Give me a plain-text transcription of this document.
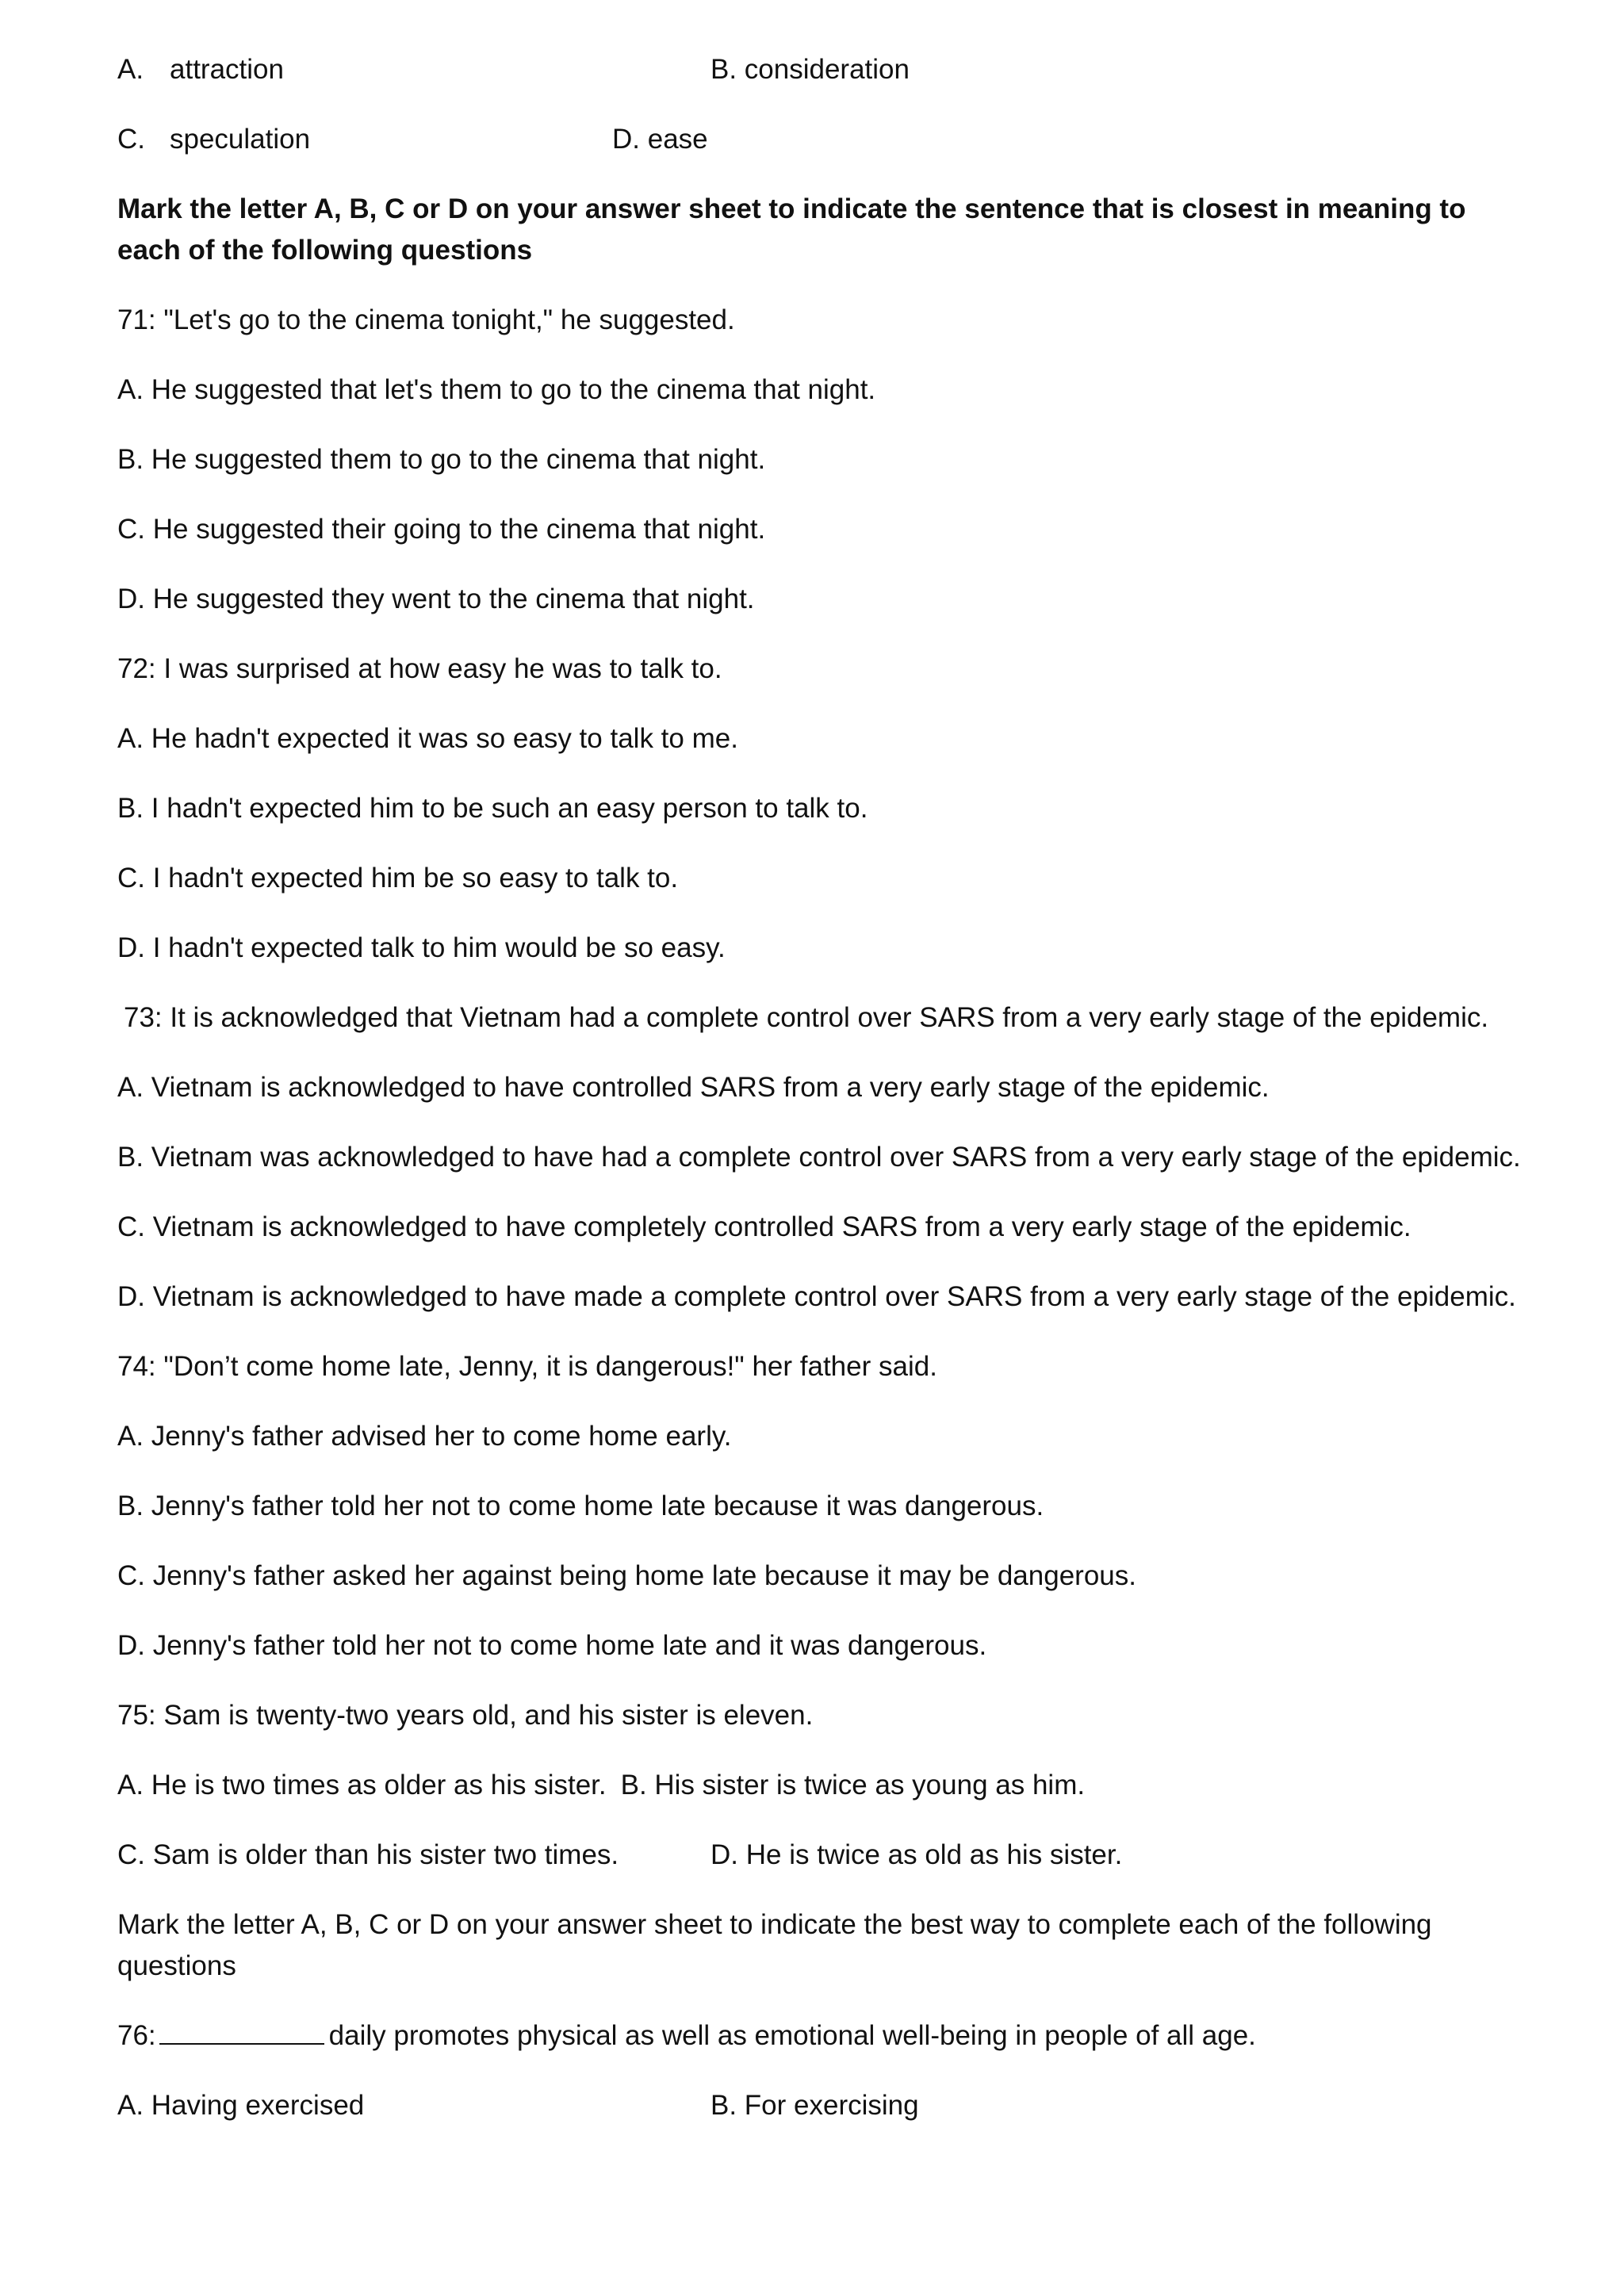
A. attraction	B. consideration
C. speculation	D. ease
Mark the letter A, B, C or D on your answer sheet to indicate the sentence that is closest in meaning to each of the following questions
71: "Let's go to the cinema tonight," he suggested.
A. He suggested that let's them to go to the cinema that night.
B. He suggested them to go to the cinema that night.
C. He suggested their going to the cinema that night.
D. He suggested they went to the cinema that night.
72: I was surprised at how easy he was to talk to.
A. He hadn't expected it was so easy to talk to me.
B. I hadn't expected him to be such an easy person to talk to.
C. I hadn't expected him be so easy to talk to.
D. I hadn't expected talk to him would be so easy.
73: It is acknowledged that Vietnam had a complete control over SARS from a very early stage of the epidemic.
A. Vietnam is acknowledged to have controlled SARS from a very early stage of the epidemic.
B. Vietnam was acknowledged to have had a complete control over SARS from a very early stage of the epidemic.
C. Vietnam is acknowledged to have completely controlled SARS from a very early stage of the epidemic.
D. Vietnam is acknowledged to have made a complete control over SARS from a very early stage of the epidemic.
74: "Don’t come home late, Jenny, it is dangerous!" her father said.
A. Jenny's father advised her to come home early.
B. Jenny's father told her not to come home late because it was dangerous.
C. Jenny's father asked her against being home late because it may be dangerous.
D. Jenny's father told her not to come home late and it was dangerous.
75: Sam is twenty-two years old, and his sister is eleven.
A. He is two times as older as his sister. B. His sister is twice as young as him.
C. Sam is older than his sister two times.	D. He is twice as old as his sister.
Mark the letter A, B, C or D on your answer sheet to indicate the best way to complete each of the following questions
76:	daily promotes physical as well as emotional well-being in people of all age.
A. Having exercised	B. For exercising
